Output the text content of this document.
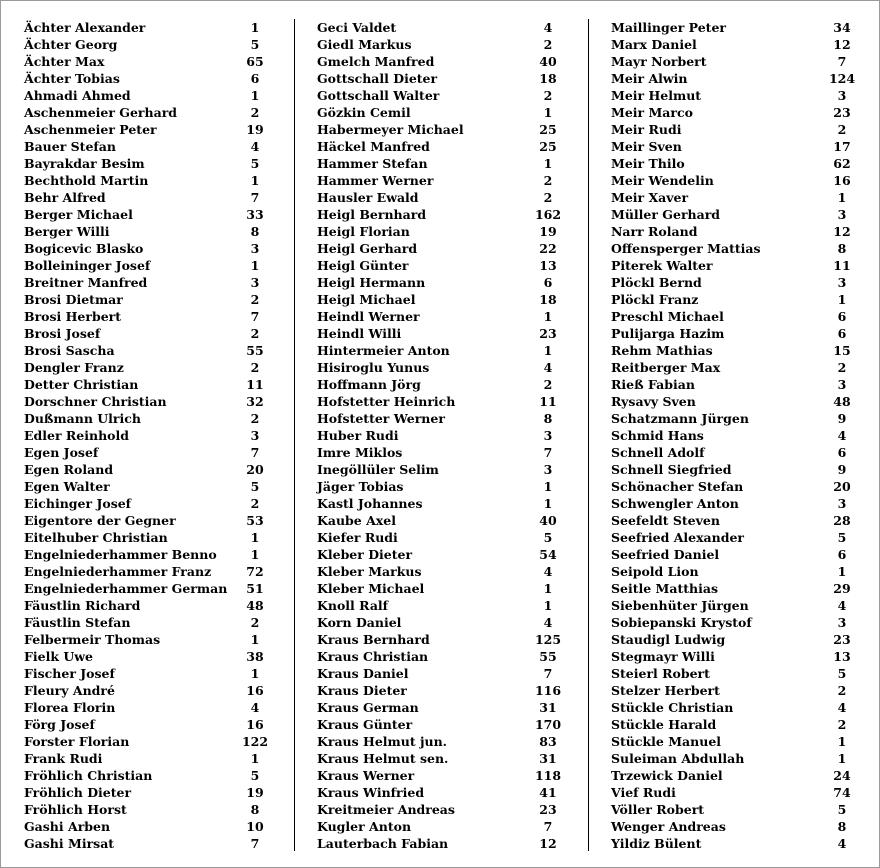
Ächter Alexander	1
Ächter Georg	5
Ächter Max	65
Ächter Tobias	6
Ahmadi Ahmed	1
Aschenmeier Gerhard	2
Aschenmeier Peter	19
Bauer Stefan	4
Bayrakdar Besim	5
Bechthold Martin	1
Behr Alfred	7
Berger Michael	33
Berger Willi	8
Bogicevic Blasko	3
Bolleininger Josef	1
Breitner Manfred	3
Brosi Dietmar	2
Brosi Herbert	7
Brosi Josef	2
Brosi Sascha	55
Dengler Franz	2
Detter Christian	11
Dorschner Christian	32
Dußmann Ulrich	2
Edler Reinhold	3
Egen Josef	7
Egen Roland	20
Egen Walter	5
Eichinger Josef	2
Eigentore der Gegner	53
Eitelhuber Christian	1
Engelniederhammer Benno	1
Engelniederhammer Franz	72
Engelniederhammer German	51
Fäustlin Richard	48
Fäustlin Stefan	2
Felbermeir Thomas	1
Fielk Uwe	38
Fischer Josef	1
Fleury André	16
Florea Florin	4
Förg Josef	16
Forster Florian	122
Frank Rudi	1
Fröhlich Christian	5
Fröhlich Dieter	19
Fröhlich Horst	8
Gashi Arben	10
Gashi Mirsat	7
Geci Valdet	4
Giedl Markus	2
Gmelch Manfred	40
Gottschall Dieter	18
Gottschall Walter	2
Gözkin Cemil	1
Habermeyer Michael	25
Häckel Manfred	25
Hammer Stefan	1
Hammer Werner	2
Hausler Ewald	2
Heigl Bernhard	162
Heigl Florian	19
Heigl Gerhard	22
Heigl Günter	13
Heigl Hermann	6
Heigl Michael	18
Heindl Werner	1
Heindl Willi	23
Hintermeier Anton	1
Hisiroglu Yunus	4
Hoffmann Jörg	2
Hofstetter Heinrich	11
Hofstetter Werner	8
Huber Rudi	3
Imre Miklos	7
Inegöllüler Selim	3
Jäger Tobias	1
Kastl Johannes	1
Kaube Axel	40
Kiefer Rudi	5
Kleber Dieter	54
Kleber Markus	4
Kleber Michael	1
Knoll Ralf	1
Korn Daniel	4
Kraus Bernhard	125
Kraus Christian	55
Kraus Daniel	7
Kraus Dieter	116
Kraus German	31
Kraus Günter	170
Kraus Helmut jun.	83
Kraus Helmut sen.	31
Kraus Werner	118
Kraus Winfried	41
Kreitmeier Andreas	23
Kugler Anton	7
Lauterbach Fabian	12
Maillinger Peter	34
Marx Daniel	12
Mayr Norbert	7
Meir Alwin	124
Meir Helmut	3
Meir Marco	23
Meir Rudi	2
Meir Sven	17
Meir Thilo	62
Meir Wendelin	16
Meir Xaver	1
Müller Gerhard	3
Narr Roland	12
Offensperger Mattias	8
Piterek Walter	11
Plöckl Bernd	3
Plöckl Franz	1
Preschl Michael	6
Pulijarga Hazim	6
Rehm Mathias	15
Reitberger Max	2
Rieß Fabian	3
Rysavy Sven	48
Schatzmann Jürgen	9
Schmid Hans	4
Schnell Adolf	6
Schnell Siegfried	9
Schönacher Stefan	20
Schwengler Anton	3
Seefeldt Steven	28
Seefried Alexander	5
Seefried Daniel	6
Seipold Lion	1
Seitle Matthias	29
Siebenhüter Jürgen	4
Sobiepanski Krystof	3
Staudigl Ludwig	23
Stegmayr Willi	13
Steierl Robert	5
Stelzer Herbert	2
Stückle Christian	4
Stückle Harald	2
Stückle Manuel	1
Suleiman Abdullah	1
Trzewick Daniel	24
Vief Rudi	74
Völler Robert	5
Wenger Andreas	8
Yildiz Bülent	4
